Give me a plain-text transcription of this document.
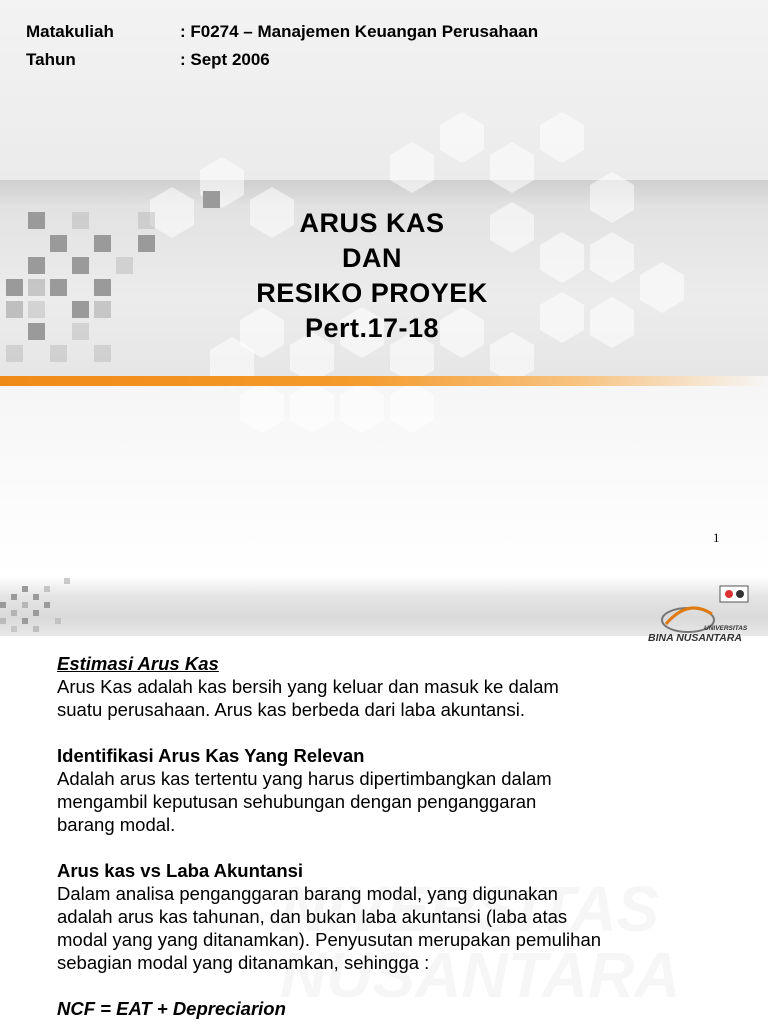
Matakuliah	: F0274 – Manajemen Keuangan Perusahaan
Tahun	: Sept 2006
ARUS KAS
DAN
RESIKO PROYEK
Pert.17-18
1
UNIVERSITAS
BINA NUSANTARA
Estimasi Arus Kas
Arus Kas adalah kas bersih yang keluar dan masuk ke dalam
suatu perusahaan. Arus kas berbeda dari laba akuntansi.
Identifikasi Arus Kas Yang Relevan
Adalah arus kas tertentu yang harus dipertimbangkan dalam
mengambil keputusan sehubungan dengan penganggaran
barang modal.
Arus kas vs Laba Akuntansi
Dalam analisa penganggaran barang modal, yang digunakan
adalah arus kas tahunan, dan bukan laba akuntansi (laba atas
modal yang yang ditanamkan). Penyusutan merupakan pemulihan
sebagian modal yang ditanamkan, sehingga :
NCF = EAT + Depreciarion
